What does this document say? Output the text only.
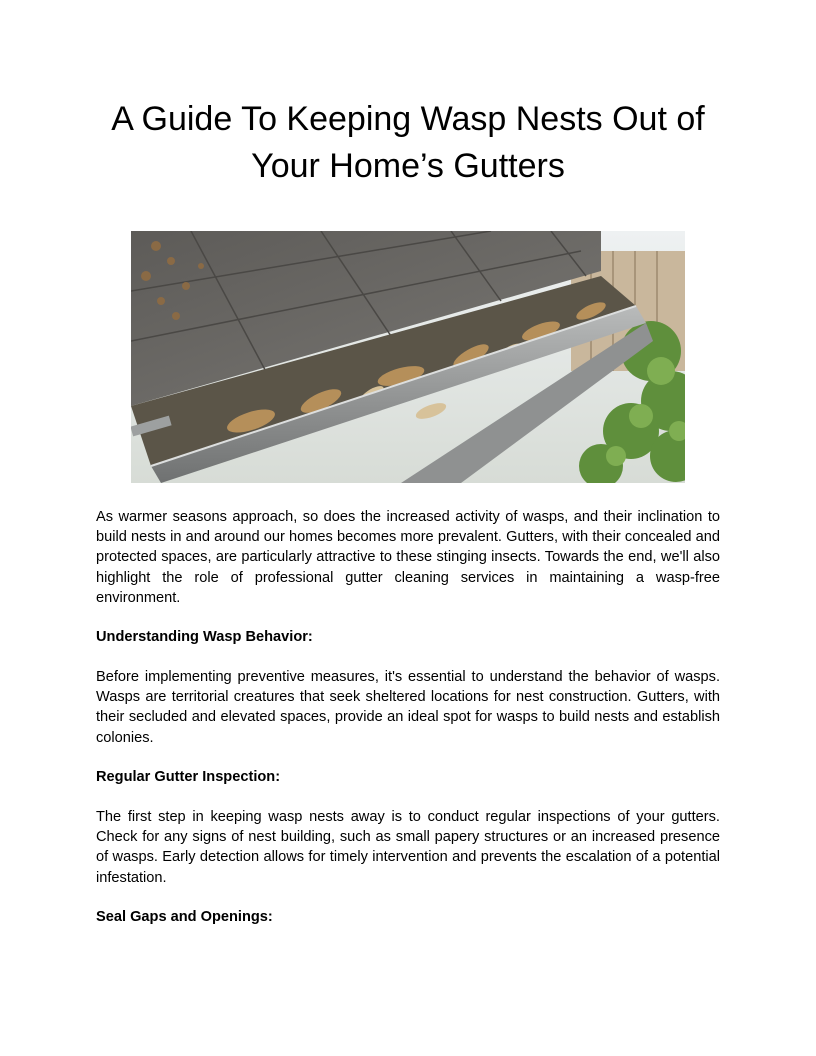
A Guide To Keeping Wasp Nests Out of Your Home’s Gutters

As warmer seasons approach, so does the increased activity of wasps, and their inclination to build nests in and around our homes becomes more prevalent. Gutters, with their concealed and protected spaces, are particularly attractive to these stinging insects. Towards the end, we'll also highlight the role of professional gutter cleaning services in maintaining a wasp-free environment.

Understanding Wasp Behavior:

Before implementing preventive measures, it's essential to understand the behavior of wasps. Wasps are territorial creatures that seek sheltered locations for nest construction. Gutters, with their secluded and elevated spaces, provide an ideal spot for wasps to build nests and establish colonies.

Regular Gutter Inspection:

The first step in keeping wasp nests away is to conduct regular inspections of your gutters. Check for any signs of nest building, such as small papery structures or an increased presence of wasps. Early detection allows for timely intervention and prevents the escalation of a potential infestation.

Seal Gaps and Openings:
